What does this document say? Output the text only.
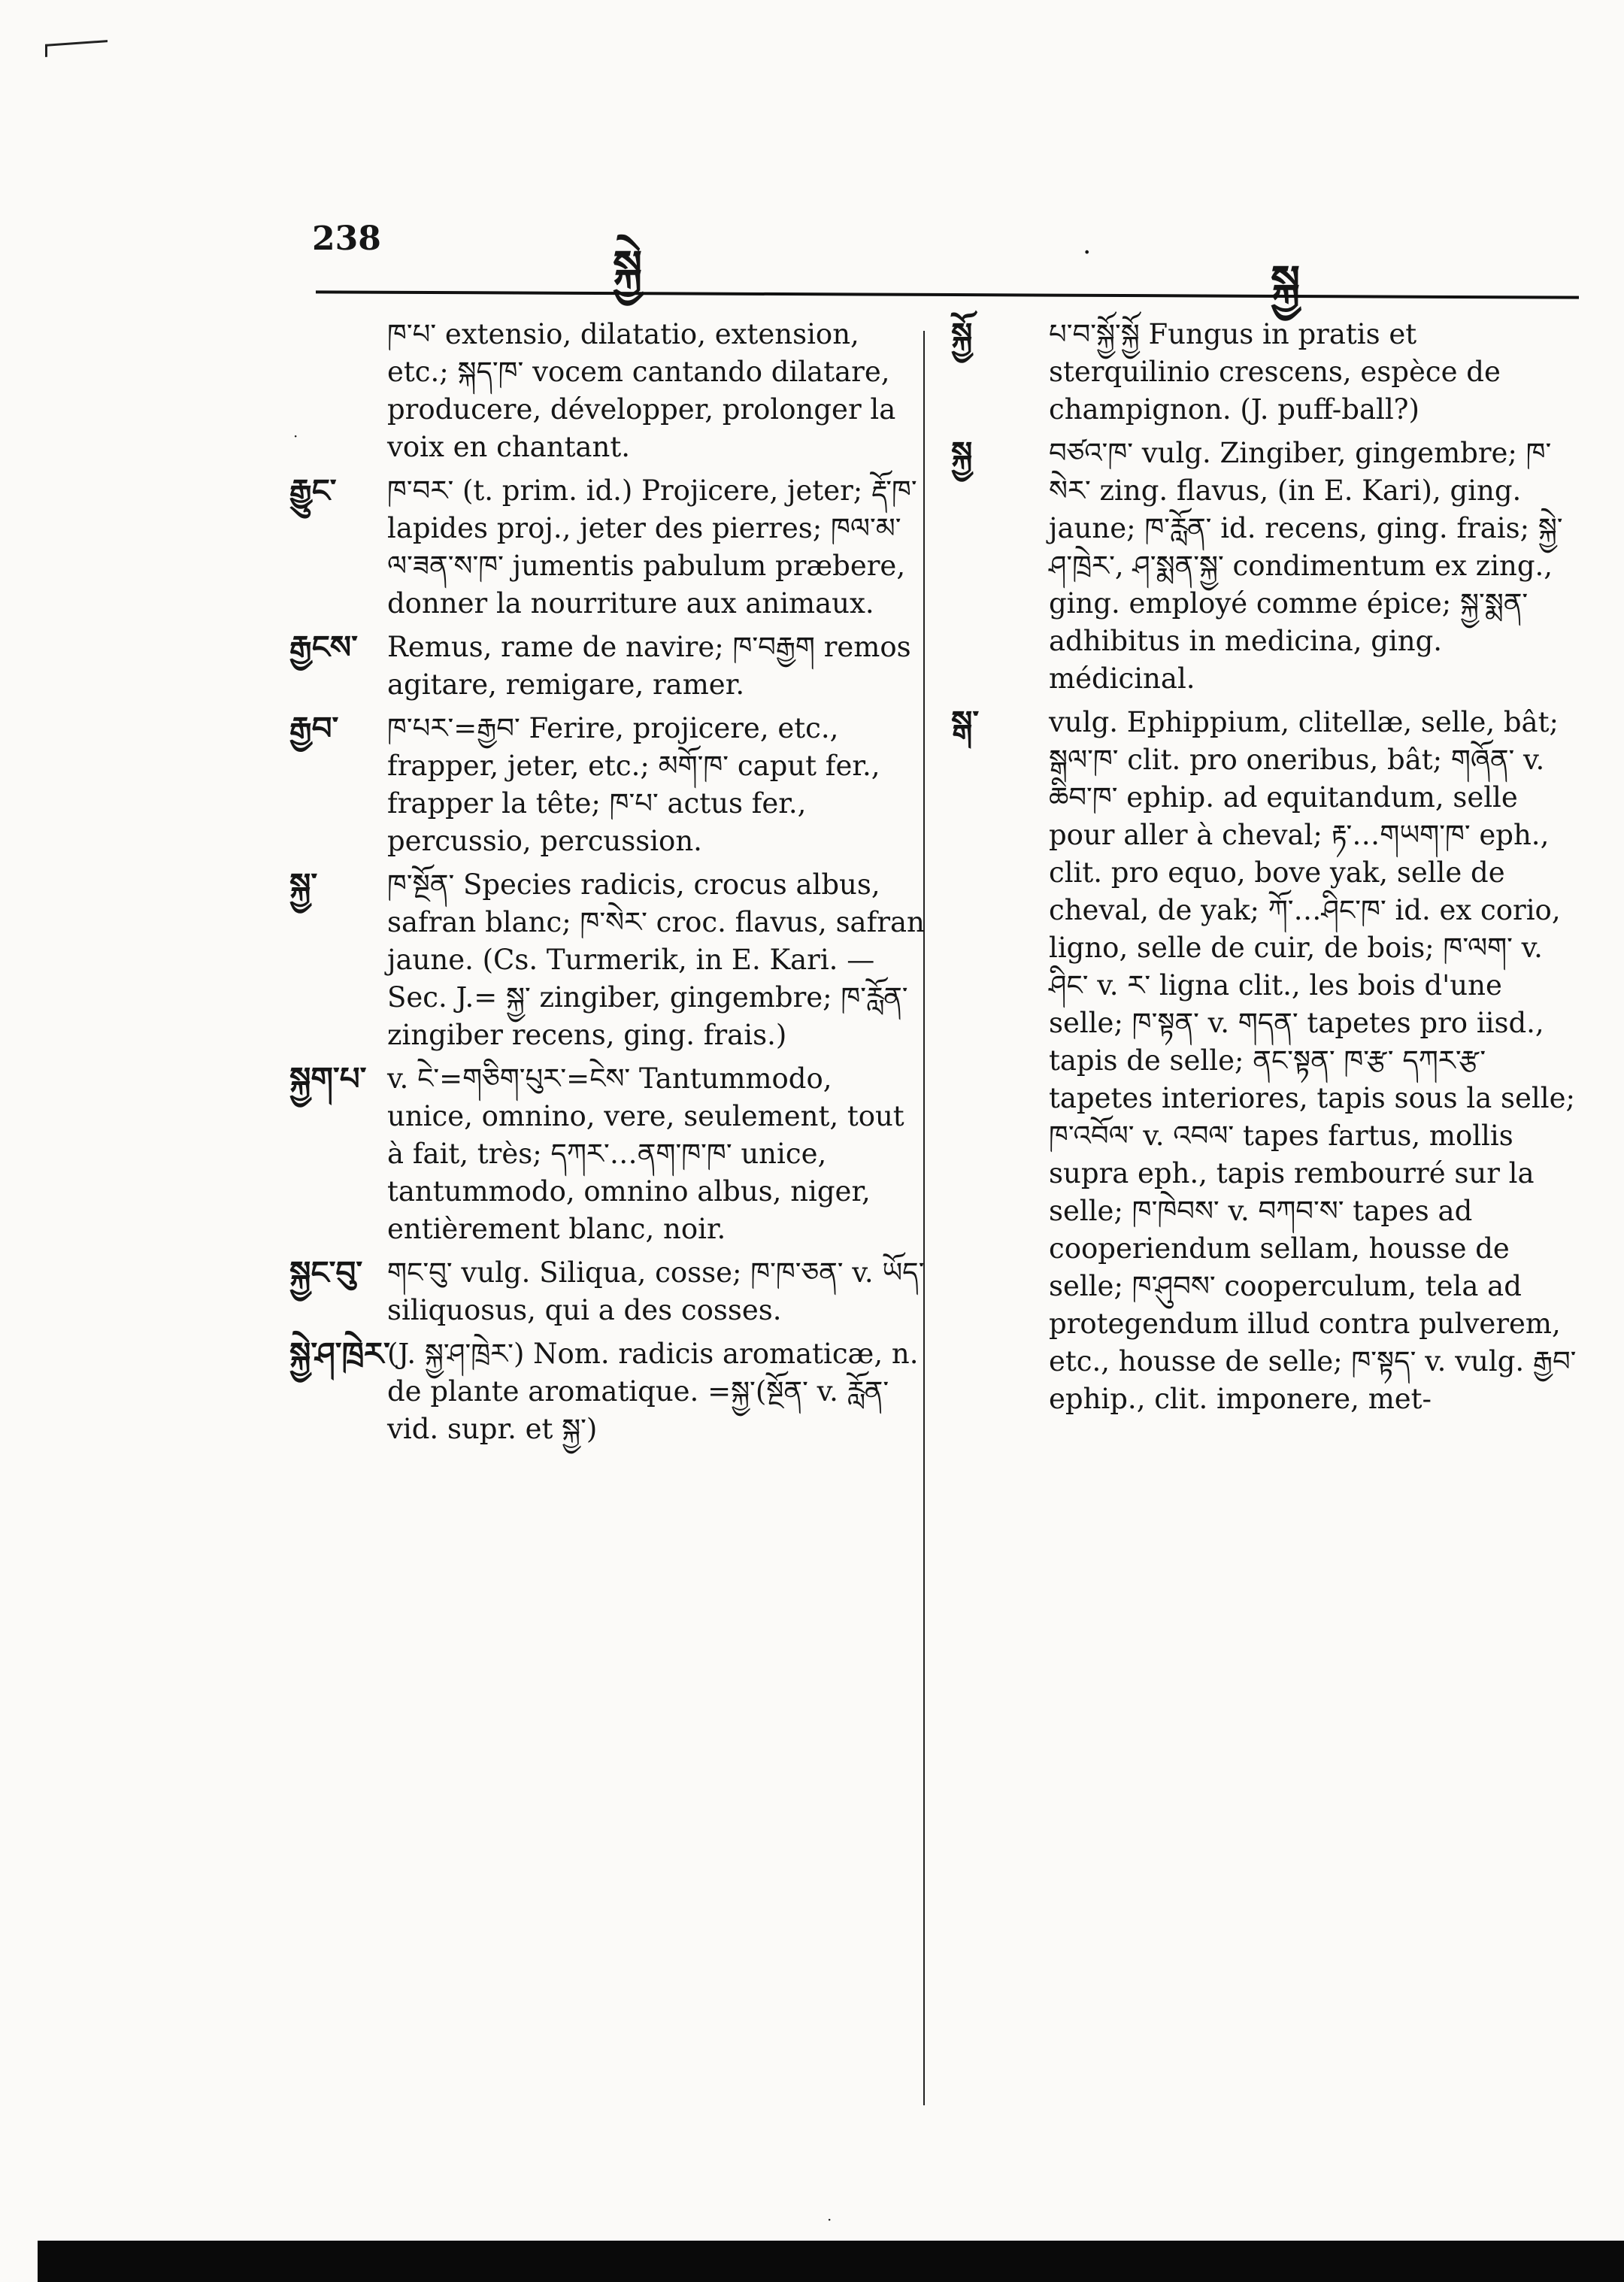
238
སྐྱེ	·
སྐྱ
·

ཁ་པ་ extensio, dilatatio, extension, etc.; སྐད་ཁ་ vocem cantando dilatare, producere, développer, prolonger la voix en chantant.

རྒྱུང་ ཁ་བར་ (t. prim. id.) Projicere, jeter; རྡོ་ཁ་ lapides proj., jeter des pierres; ཁལ་མ་ལ་ཟན་ས་ཁ་ jumentis pabulum præbere, donner la nourriture aux animaux.

རྒྱངས་ Remus, rame de navire; ཁ་བརྒྱག remos agitare, remigare, ramer.

རྒྱབ་ ཁ་པར་=རྒྱབ་ Ferire, projicere, etc., frapper, jeter, etc.; མགོ་ཁ་ caput fer., frapper la tête; ཁ་པ་ actus fer., percussio, percussion.

སྐྱ་	ཁ་སྔོན་ Species radicis, crocus albus, safran blanc; ཁ་སེར་ croc. flavus, safran jaune. (Cs. Turmerik, in E. Kari. — Sec. J.= སྐྱ་ zingiber, gingembre; ཁ་རློན་ zingiber recens, ging. frais.)

སྐྱག་པ་ v. ངེ་=གཅིག་པུར་=ངེས་ Tantummodo, unice, omnino, vere, seulement, tout à fait, très; དཀར་…ནག་ཁ་ཁ་ unice, tantummodo, omnino albus, niger, entièrement blanc, noir.

སྐྱང་བུ་ གང་བུ་ vulg. Siliqua, cosse; ཁ་ཁ་ཅན་ v. ཡོད་ siliquosus, qui a des cosses.

སྐྱེ་ཤ་ཁྲེར་

(J. སྐྱ་ཤ་ཁྲེར་) Nom. radicis aromaticæ, n. de plante aromatique. =སྐྱ་(སྔོན་ v. རློན་ vid. supr. et སྐྱ་)

སྐྱོ	པ་བ་སྐྱོ་སྐྱོ Fungus in pratis et sterquilinio crescens, espèce de champignon. (J. puff-ball?)

སྐྱ	བཙའ་ཁ་ vulg. Zingiber, gingembre; ཁ་སེར་ zing. flavus, (in E. Kari), ging. jaune; ཁ་རློན་ id. recens, ging. frais; སྐྱེ་ཤ་ཁྲེར་, ཤ་སྨན་སྐྱ་ condimentum ex zing., ging. employé comme épice; སྐྱ་སྨན་ adhibitus in medicina, ging. médicinal.

སྒ་	vulg. Ephippium, clitellæ, selle, bât; སྒལ་ཁ་ clit. pro oneribus, bât; གཞོན་ v. ཆིབ་ཁ་ ephip. ad equitandum, selle pour aller à cheval; རྟ་…གཡག་ཁ་ eph., clit. pro equo, bove yak, selle de cheval, de yak; ཀོ་…ཤིང་ཁ་ id. ex corio, ligno, selle de cuir, de bois; ཁ་ལག་ v. ཤིང་ v. ར་ ligna clit., les bois d'une selle; ཁ་སྟན་ v. གདན་ tapetes pro iisd., tapis de selle; ནང་སྟན་ ཁ་རྩ་ དཀར་རྩ་ tapetes interiores, tapis sous la selle; ཁ་འབོལ་ v. འབལ་ tapes fartus, mollis supra eph., tapis rembourré sur la selle; ཁ་ཁེབས་ v. བཀབ་ས་ tapes ad cooperiendum sellam, housse de selle; ཁ་ཤུབས་ cooperculum, tela ad protegendum illud contra pulverem, etc., housse de selle; ཁ་སྟད་ v. vulg. རྒྱབ་ ephip., clit. imponere, met-

·
